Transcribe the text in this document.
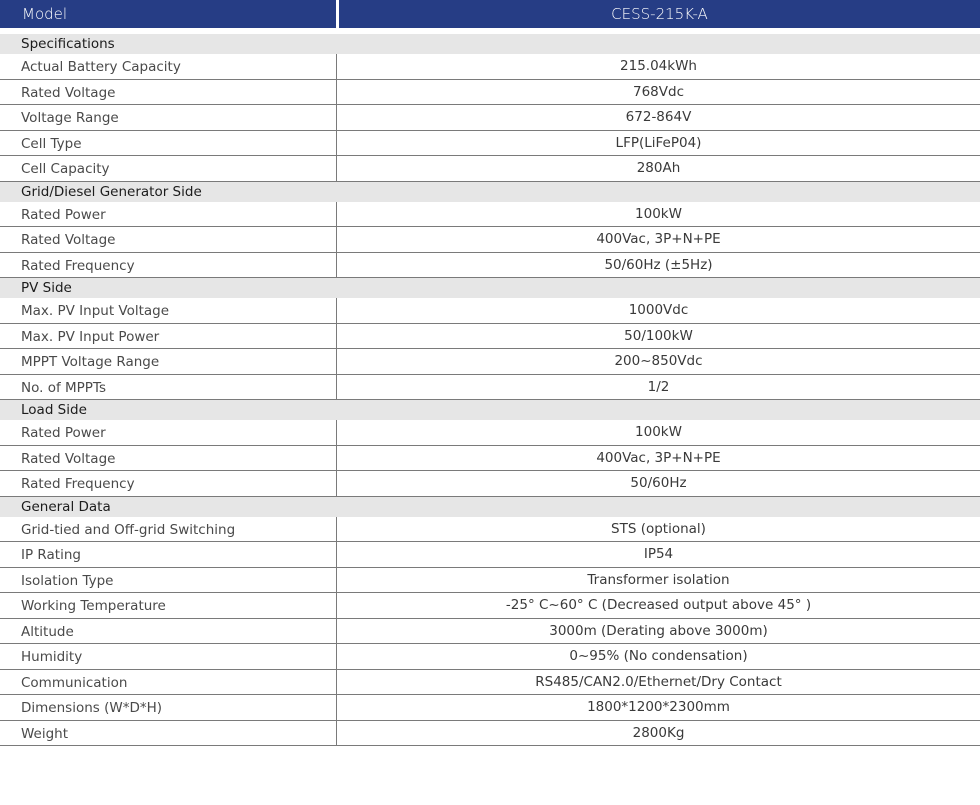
Model	CESS-215K-A
Specifications
Actual Battery Capacity	215.04kWh
Rated Voltage	768Vdc
Voltage Range	672-864V
Cell Type	LFP(LiFeP04)
Cell Capacity	280Ah
Grid/Diesel Generator Side
Rated Power	100kW
Rated Voltage	400Vac, 3P+N+PE
Rated Frequency	50/60Hz (±5Hz)
PV Side
Max. PV Input Voltage	1000Vdc
Max. PV Input Power	50/100kW
MPPT Voltage Range	200~850Vdc
No. of MPPTs	1/2
Load Side
Rated Power	100kW
Rated Voltage	400Vac, 3P+N+PE
Rated Frequency	50/60Hz
General Data
Grid-tied and Off-grid Switching	STS (optional)
IP Rating	IP54
Isolation Type	Transformer isolation
Working Temperature	-25° C~60° C (Decreased output above 45° )
Altitude	3000m (Derating above 3000m)
Humidity	0~95% (No condensation)
Communication	RS485/CAN2.0/Ethernet/Dry Contact
Dimensions (W*D*H)	1800*1200*2300mm
Weight	2800Kg
